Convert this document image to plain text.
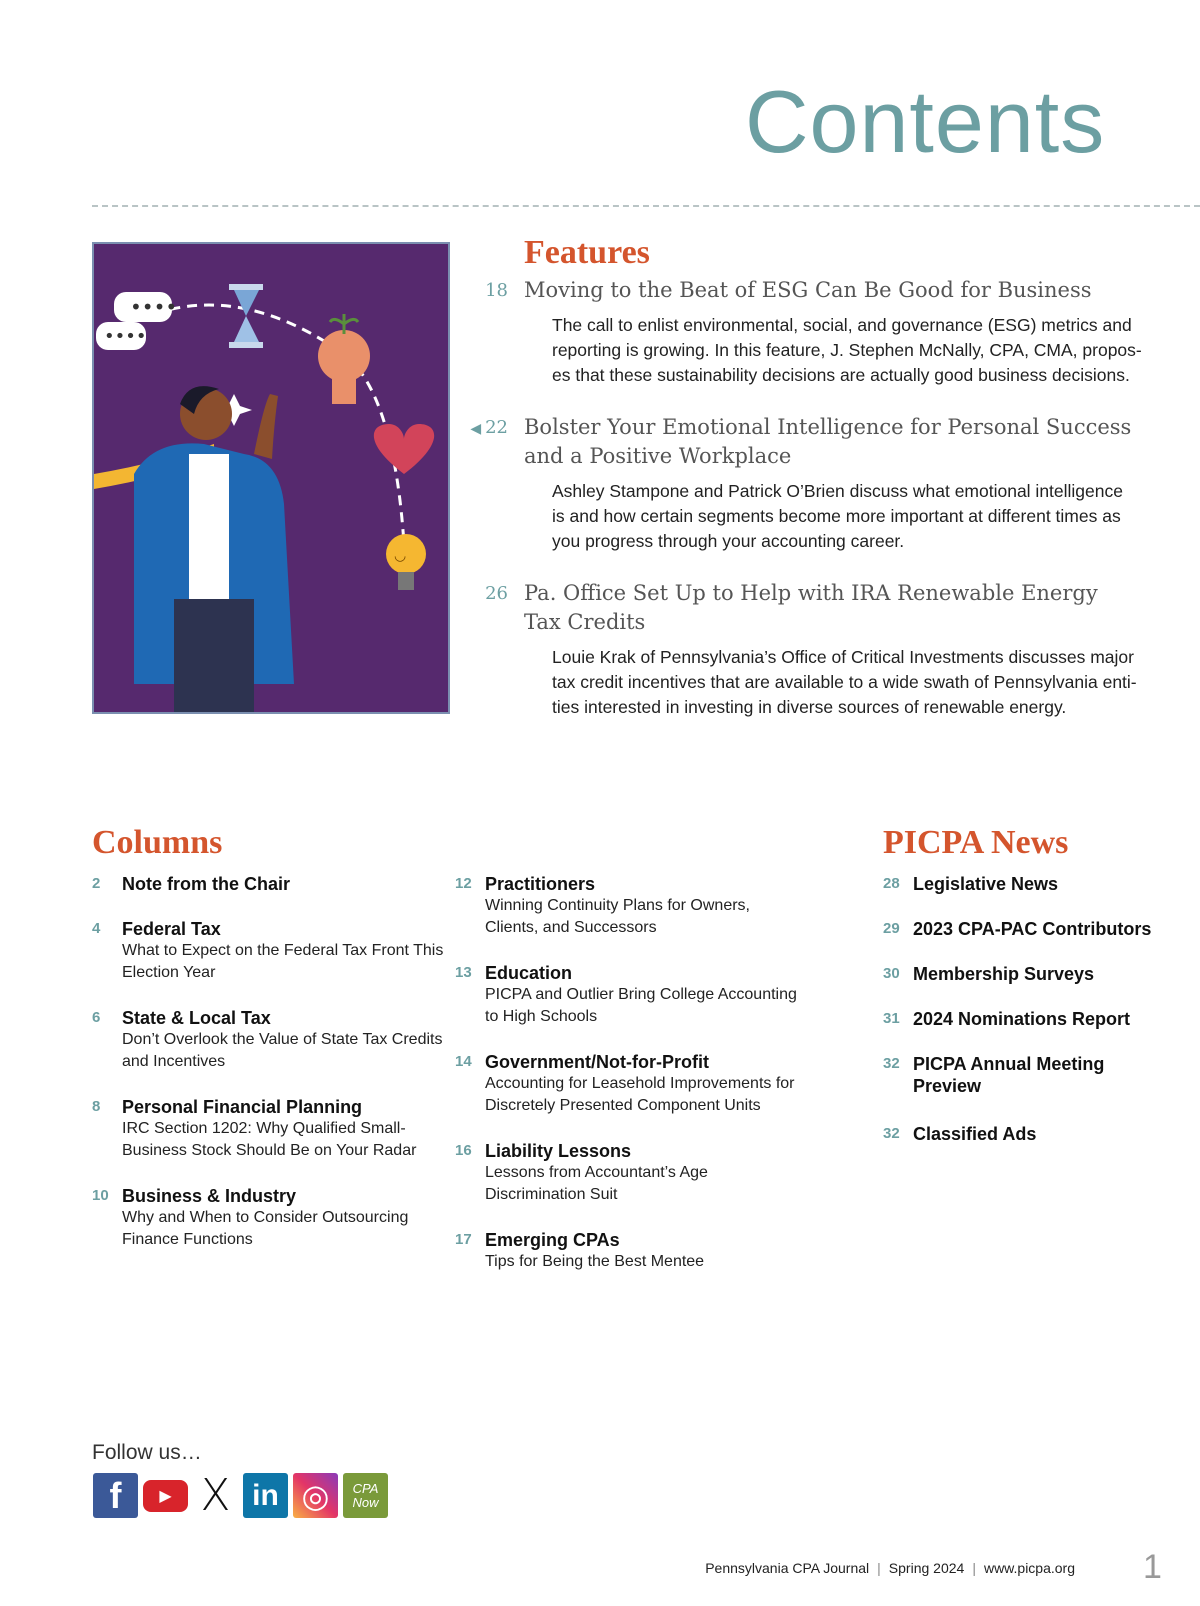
Contents
••••
••••
◡
Features
18 Moving to the Beat of ESG Can Be Good for Business
The call to enlist environmental, social, and governance (ESG) metrics and
reporting is growing. In this feature, J. Stephen McNally, CPA, CMA, propos-
es that these sustainability decisions are actually good business decisions.
◀ 22 Bolster Your Emotional Intelligence for Personal Success
and a Positive Workplace
Ashley Stampone and Patrick O’Brien discuss what emotional intelligence
is and how certain segments become more important at different times as
you progress through your accounting career.
26 Pa. Office Set Up to Help with IRA Renewable Energy
Tax Credits
Louie Krak of Pennsylvania’s Office of Critical Investments discusses major
tax credit incentives that are available to a wide swath of Pennsylvania enti-
ties interested in investing in diverse sources of renewable energy.
Columns
2 Note from the Chair
4 Federal Tax
What to Expect on the Federal Tax Front This
Election Year
6 State & Local Tax
Don’t Overlook the Value of State Tax Credits
and Incentives
8 Personal Financial Planning
IRC Section 1202: Why Qualified Small-
Business Stock Should Be on Your Radar
10 Business & Industry
Why and When to Consider Outsourcing
Finance Functions
12 Practitioners
Winning Continuity Plans for Owners,
Clients, and Successors
13 Education
PICPA and Outlier Bring College Accounting
to High Schools
14 Government/Not-for-Profit
Accounting for Leasehold Improvements for
Discretely Presented Component Units
16 Liability Lessons
Lessons from Accountant’s Age
Discrimination Suit
17 Emerging CPAs
Tips for Being the Best Mentee
PICPA News
28 Legislative News
29 2023 CPA-PAC Contributors
30 Membership Surveys
31 2024 Nominations Report
32 PICPA Annual Meeting
Preview
32 Classified Ads
Follow us…
f	▶ X in ◎	CPA Now
Pennsylvania CPA Journal | Spring 2024 | www.picpa.org 1
